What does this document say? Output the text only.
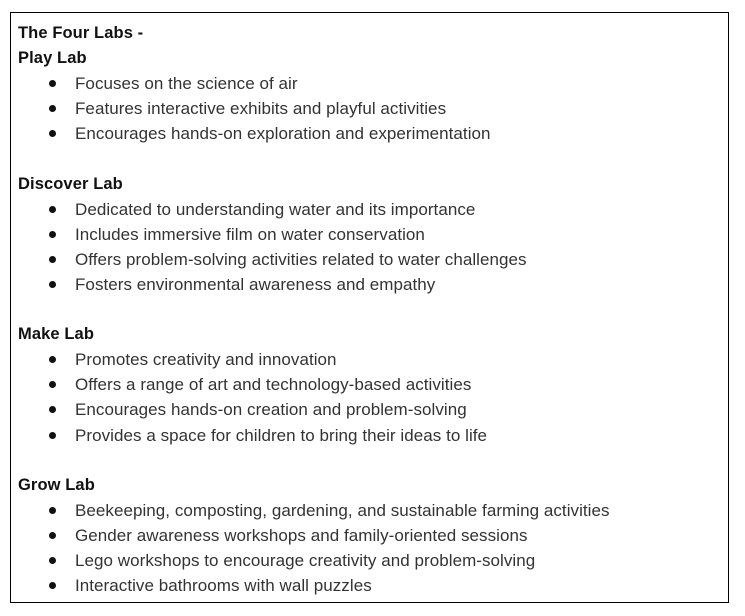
The Four Labs -
Play Lab
Focuses on the science of air
Features interactive exhibits and playful activities
Encourages hands-on exploration and experimentation
Discover Lab
Dedicated to understanding water and its importance
Includes immersive film on water conservation
Offers problem-solving activities related to water challenges
Fosters environmental awareness and empathy
Make Lab
Promotes creativity and innovation
Offers a range of art and technology-based activities
Encourages hands-on creation and problem-solving
Provides a space for children to bring their ideas to life
Grow Lab
Beekeeping, composting, gardening, and sustainable farming activities
Gender awareness workshops and family-oriented sessions
Lego workshops to encourage creativity and problem-solving
Interactive bathrooms with wall puzzles
